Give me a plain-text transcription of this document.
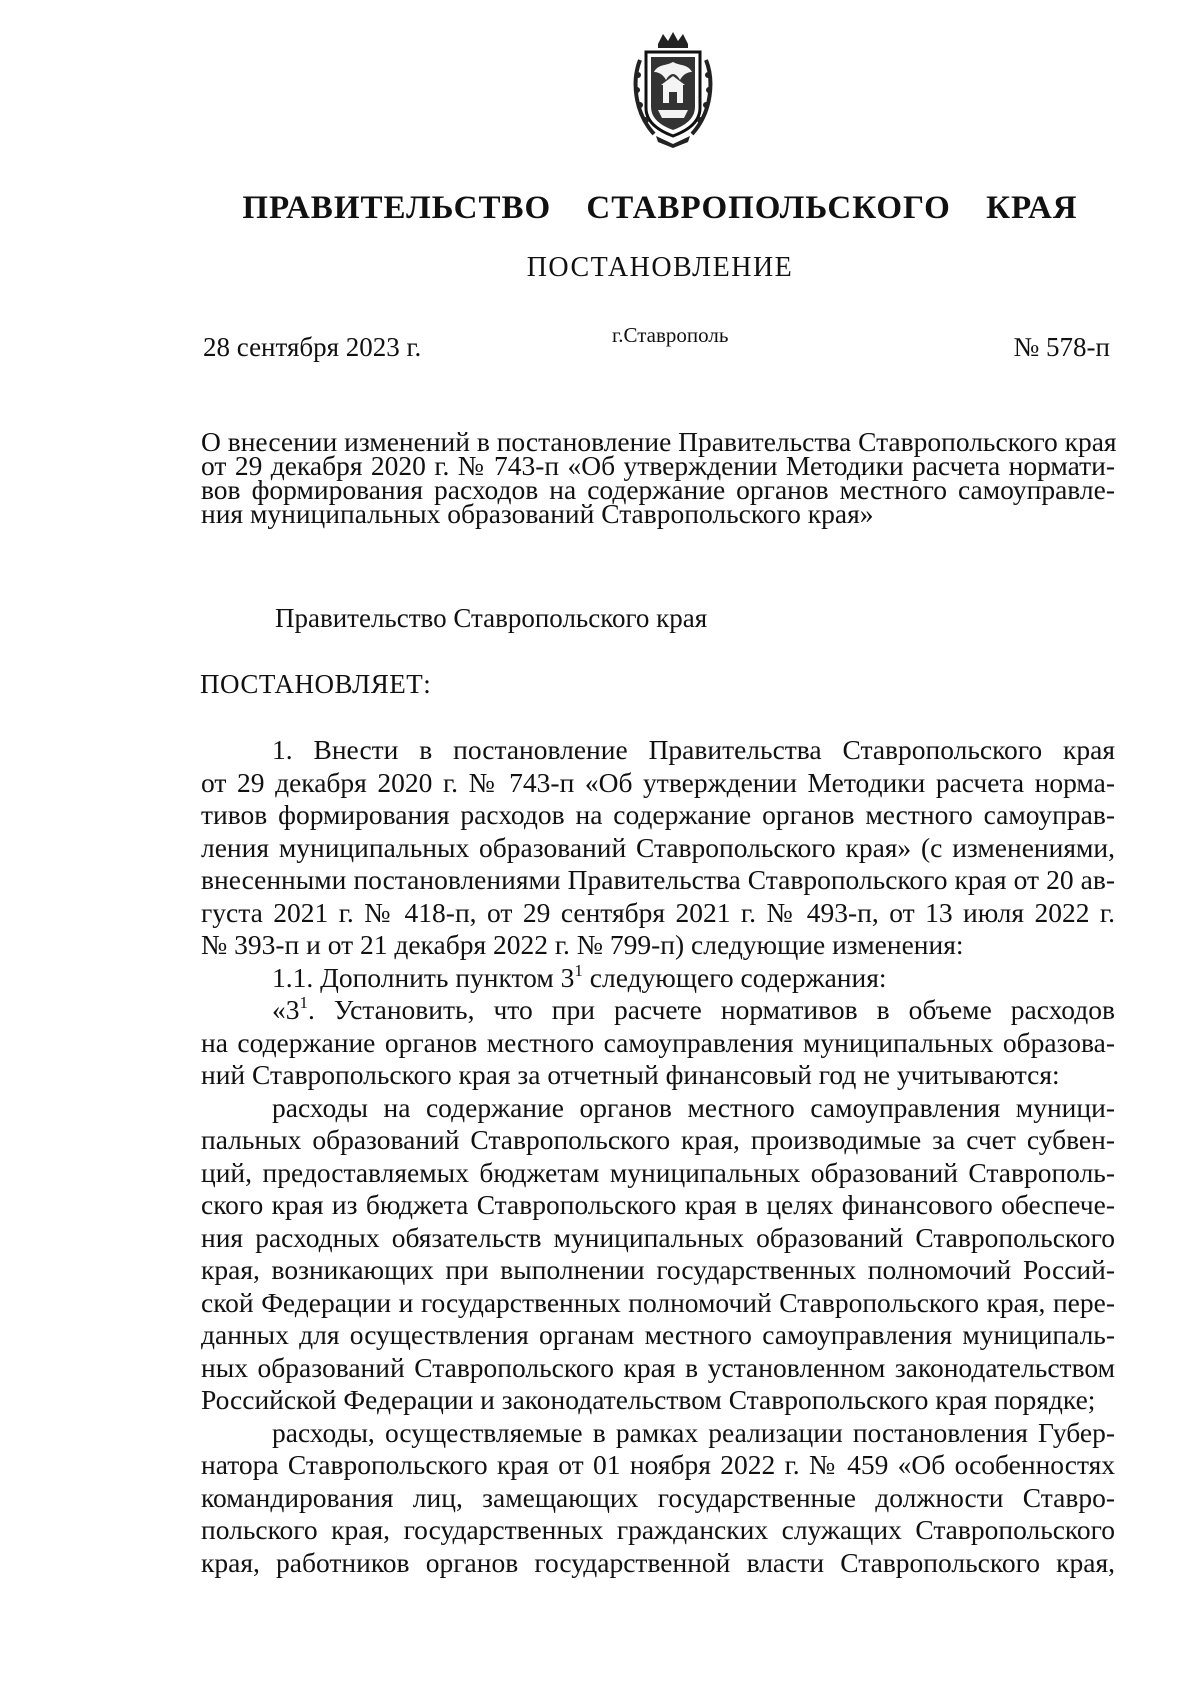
ПРАВИТЕЛЬСТВО СТАВРОПОЛЬСКОГО КРАЯ
ПОСТАНОВЛЕНИЕ
28 сентября 2023 г.	г.Ставрополь	№ 578-п
О внесении изменений в постановление Правительства Ставропольского края
от 29 декабря 2020 г. № 743-п «Об утверждении Методики расчета нормати-
вов формирования расходов на содержание органов местного самоуправле-
ния муниципальных образований Ставропольского края»
Правительство Ставропольского края
ПОСТАНОВЛЯЕТ:
1. Внести в постановление Правительства Ставропольского края
от 29 декабря 2020 г. № 743-п «Об утверждении Методики расчета норма-
тивов формирования расходов на содержание органов местного самоуправ-
ления муниципальных образований Ставропольского края» (с изменениями,
внесенными постановлениями Правительства Ставропольского края от 20 ав-
густа 2021 г. № 418-п, от 29 сентября 2021 г. № 493-п, от 13 июля 2022 г.
№ 393-п и от 21 декабря 2022 г. № 799-п) следующие изменения:
1.1. Дополнить пунктом $3^1$ следующего содержания:
«$3^1$. Установить, что при расчете нормативов в объеме расходов
на содержание органов местного самоуправления муниципальных образова-
ний Ставропольского края за отчетный финансовый год не учитываются:
расходы на содержание органов местного самоуправления муници-
пальных образований Ставропольского края, производимые за счет субвен-
ций, предоставляемых бюджетам муниципальных образований Ставрополь-
ского края из бюджета Ставропольского края в целях финансового обеспече-
ния расходных обязательств муниципальных образований Ставропольского
края, возникающих при выполнении государственных полномочий Россий-
ской Федерации и государственных полномочий Ставропольского края, пере-
данных для осуществления органам местного самоуправления муниципаль-
ных образований Ставропольского края в установленном законодательством
Российской Федерации и законодательством Ставропольского края порядке;
расходы, осуществляемые в рамках реализации постановления Губер-
натора Ставропольского края от 01 ноября 2022 г. № 459 «Об особенностях
командирования лиц, замещающих государственные должности Ставро-
польского края, государственных гражданских служащих Ставропольского
края, работников органов государственной власти Ставропольского края,
